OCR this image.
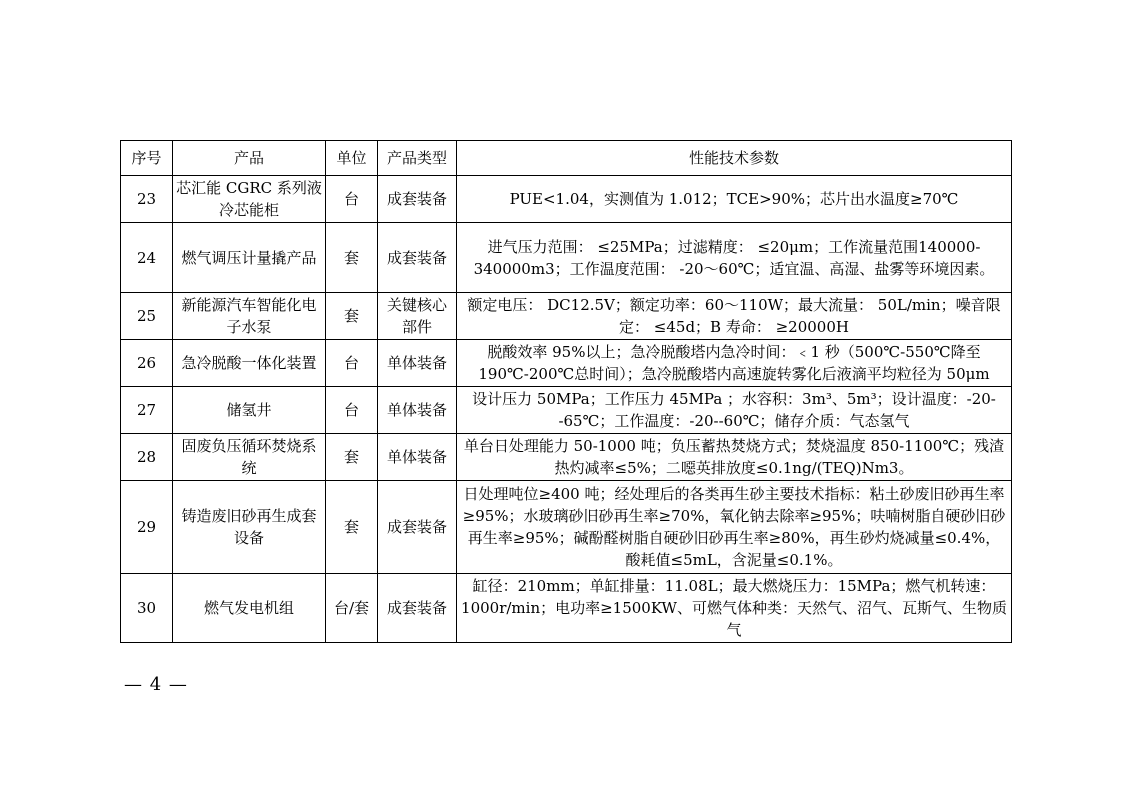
序号	产品	单位	产品类型	性能技术参数
23	芯汇能 CGRC 系列液冷芯能柜	台	成套装备	PUE<1.04，实测值为 1.012；TCE>90%；芯片出水温度≥70℃
24	燃气调压计量撬产品	套	成套装备	进气压力范围： ≤25MPa；过滤精度： ≤20μm；工作流量范围140000-340000m3；工作温度范围： -20～60℃；适宜温、高湿、盐雾等环境因素。
25	新能源汽车智能化电子水泵	套	关键核心部件	额定电压： DC12.5V；额定功率：60～110W；最大流量： 50L/min；噪音限定： ≤45d；B 寿命： ≥20000H
26	急冷脱酸一体化装置	台	单体装备	脱酸效率 95%以上；急冷脱酸塔内急冷时间：﹤1 秒（500℃-550℃降至190℃-200℃总时间）；急冷脱酸塔内高速旋转雾化后液滴平均粒径为 50μm
27	储氢井	台	单体装备	设计压力 50MPa；工作压力 45MPa ；水容积：3m³、5m³；设计温度：-20--65℃；工作温度：-20--60℃；储存介质：气态氢气
28	固废负压循环焚烧系统	套	单体装备	单台日处理能力 50-1000 吨；负压蓄热焚烧方式；焚烧温度 850-1100℃；残渣热灼减率≤5%；二噁英排放度≤0.1ng/(TEQ)Nm3。
29	铸造废旧砂再生成套设备	套	成套装备	日处理吨位≥400 吨；经处理后的各类再生砂主要技术指标：粘土砂废旧砂再生率≥95%；水玻璃砂旧砂再生率≥70%，氧化钠去除率≥95%；呋喃树脂自硬砂旧砂再生率≥95%；碱酚醛树脂自硬砂旧砂再生率≥80%，再生砂灼烧减量≤0.4%，酸耗值≤5mL，含泥量≤0.1%。
30	燃气发电机组	台/套	成套装备	缸径：210mm；单缸排量：11.08L；最大燃烧压力：15MPa；燃气机转速：1000r/min；电功率≥1500KW、可燃气体种类：天然气、沼气、瓦斯气、生物质气
— 4 —
